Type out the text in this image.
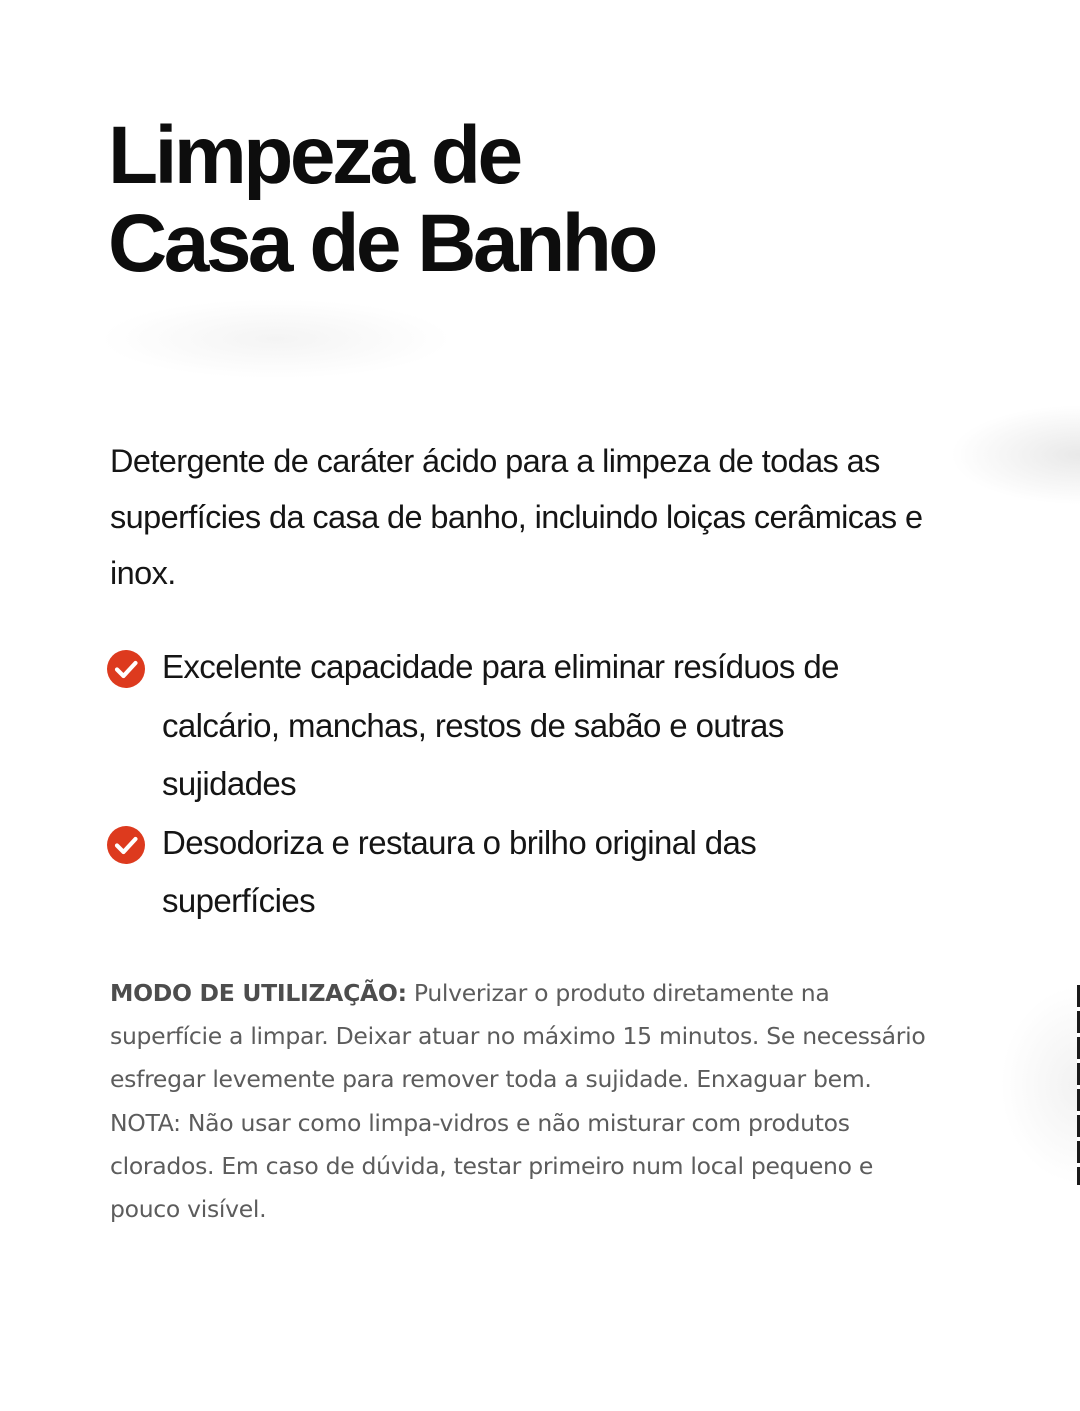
Limpeza de
Casa de Banho

Detergente de caráter ácido para a limpeza de todas as superfícies da casa de banho, incluindo loiças cerâmicas e inox.

Excelente capacidade para eliminar resíduos de calcário, manchas, restos de sabão e outras sujidades
Desodoriza e restaura o brilho original das superfícies

MODO DE UTILIZAÇÃO: Pulverizar o produto diretamente na superfície a limpar. Deixar atuar no máximo 15 minutos. Se necessário esfregar levemente para remover toda a sujidade. Enxaguar bem. NOTA: Não usar como limpa-vidros e não misturar com produtos clorados. Em caso de dúvida, testar primeiro num local pequeno e pouco visível.
